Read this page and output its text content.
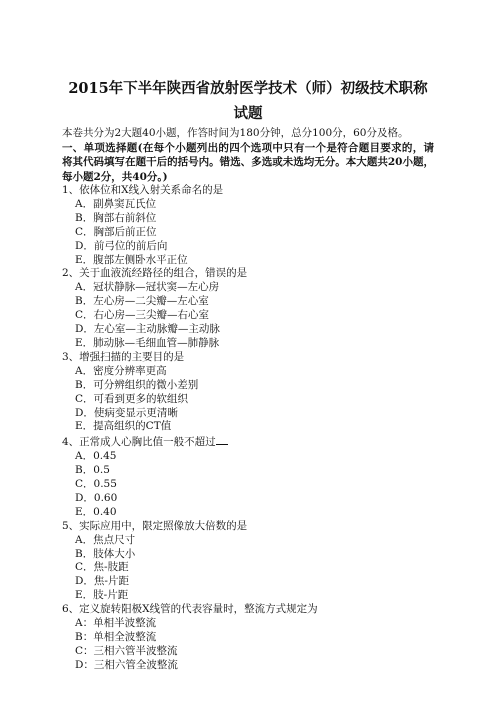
2015年下半年陕西省放射医学技术（师）初级技术职称试题
本卷共分为2大题40小题，作答时间为180分钟，总分100分，60分及格。
一、单项选择题(在每个小题列出的四个选项中只有一个是符合题目要求的，请将其代码填写在题干后的括号内。错选、多选或未选均无分。本大题共20小题，每小题2分，共40分。)
1、依体位和X线入射关系命名的是
A．副鼻窦瓦氏位
B．胸部右前斜位
C．胸部后前正位
D．前弓位的前后向
E．腹部左侧卧水平正位
2、关于血液流经路径的组合，错误的是
A．冠状静脉—冠状窦—左心房
B．左心房—二尖瓣—左心室
C．右心房—三尖瓣—右心室
D．左心室—主动脉瓣—主动脉
E．肺动脉—毛细血管—肺静脉
3、增强扫描的主要目的是
A．密度分辨率更高
B．可分辨组织的微小差别
C．可看到更多的软组织
D．使病变显示更清晰
E．提高组织的CT值
4、正常成人心胸比值一般不超过
A．0.45
B．0.5
C．0.55
D．0.60
E．0.40
5、实际应用中，限定照像放大倍数的是
A．焦点尺寸
B．肢体大小
C．焦-肢距
D．焦-片距
E．肢-片距
6、定义旋转阳极X线管的代表容量时，整流方式规定为
A：单相半波整流
B：单相全波整流
C：三相六管半波整流
D：三相六管全波整流
